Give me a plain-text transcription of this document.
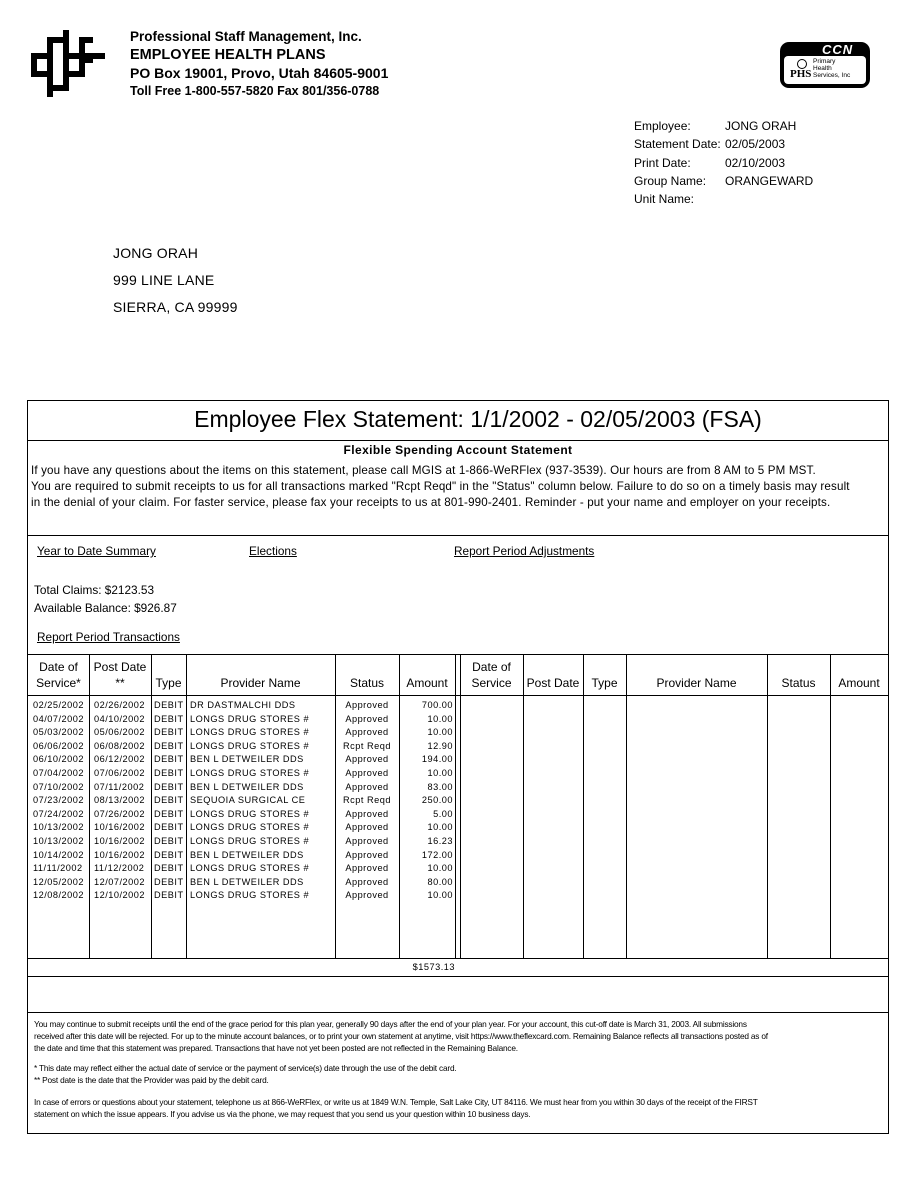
Professional Staff Management, Inc.
EMPLOYEE HEALTH PLANS
PO Box 19001, Provo, Utah 84605-9001
Toll Free 1-800-557-5820 Fax 801/356-0788
CCN
PHS
Primary
Health
Services, Inc
Employee:	JONG ORAH
Statement Date: 02/05/2003
Print Date:	02/10/2003
Group Name:	ORANGEWARD
Unit Name:
JONG ORAH
999 LINE LANE
SIERRA, CA 99999
Employee Flex Statement: 1/1/2002 - 02/05/2003 (FSA)
Flexible Spending Account Statement
If you have any questions about the items on this statement, please call MGIS at 1-866-WeRFlex (937-3539). Our hours are from 8 AM to 5 PM MST.
You are required to submit receipts to us for all transactions marked "Rcpt Reqd" in the "Status" column below. Failure to do so on a timely basis may result
in the denial of your claim. For faster service, please fax your receipts to us at 801-990-2401. Reminder - put your name and employer on your receipts.
Year to Date Summary	Elections	Report Period Adjustments
Total Claims: $2123.53
Available Balance: $926.87
Report Period Transactions
Date of
Service*
Post Date
**	Type	Provider Name	Status	Amount
Date of
Service	Post Date	Type	Provider Name	Status	Amount
02/25/2002	02/26/2002 DEBIT DR DASTMALCHI DDS	Approved	700.00
04/07/2002	04/10/2002 DEBIT LONGS DRUG STORES #	Approved	10.00
05/03/2002	05/06/2002 DEBIT LONGS DRUG STORES #	Approved	10.00
06/06/2002	06/08/2002 DEBIT LONGS DRUG STORES #	Rcpt Reqd	12.90
06/10/2002	06/12/2002 DEBIT BEN L DETWEILER DDS	Approved	194.00
07/04/2002	07/06/2002 DEBIT LONGS DRUG STORES #	Approved	10.00
07/10/2002	07/11/2002	DEBIT BEN L DETWEILER DDS	Approved	83.00
07/23/2002	08/13/2002 DEBIT SEQUOIA SURGICAL CE	Rcpt Reqd	250.00
07/24/2002	07/26/2002 DEBIT LONGS DRUG STORES #	Approved	5.00
10/13/2002	10/16/2002 DEBIT LONGS DRUG STORES #	Approved	10.00
10/13/2002	10/16/2002 DEBIT LONGS DRUG STORES #	Approved	16.23
10/14/2002	10/16/2002 DEBIT BEN L DETWEILER DDS	Approved	172.00
11/11/2002	11/12/2002	DEBIT LONGS DRUG STORES #	Approved	10.00
12/05/2002	12/07/2002 DEBIT BEN L DETWEILER DDS	Approved	80.00
12/08/2002	12/10/2002 DEBIT LONGS DRUG STORES #	Approved	10.00
$1573.13
You may continue to submit receipts until the end of the grace period for this plan year, generally 90 days after the end of your plan year. For your account, this cut-off date is March 31, 2003. All submissions
received after this date will be rejected. For up to the minute account balances, or to print your own statement at anytime, visit https://www.theflexcard.com. Remaining Balance reflects all transactions posted as of
the date and time that this statement was prepared. Transactions that have not yet been posted are not reflected in the Remaining Balance.
* This date may reflect either the actual date of service or the payment of service(s) date through the use of the debit card.
** Post date is the date that the Provider was paid by the debit card.
In case of errors or questions about your statement, telephone us at 866-WeRFlex, or write us at 1849 W.N. Temple, Salt Lake City, UT 84116. We must hear from you within 30 days of the receipt of the FIRST
statement on which the issue appears. If you advise us via the phone, we may request that you send us your question within 10 business days.
